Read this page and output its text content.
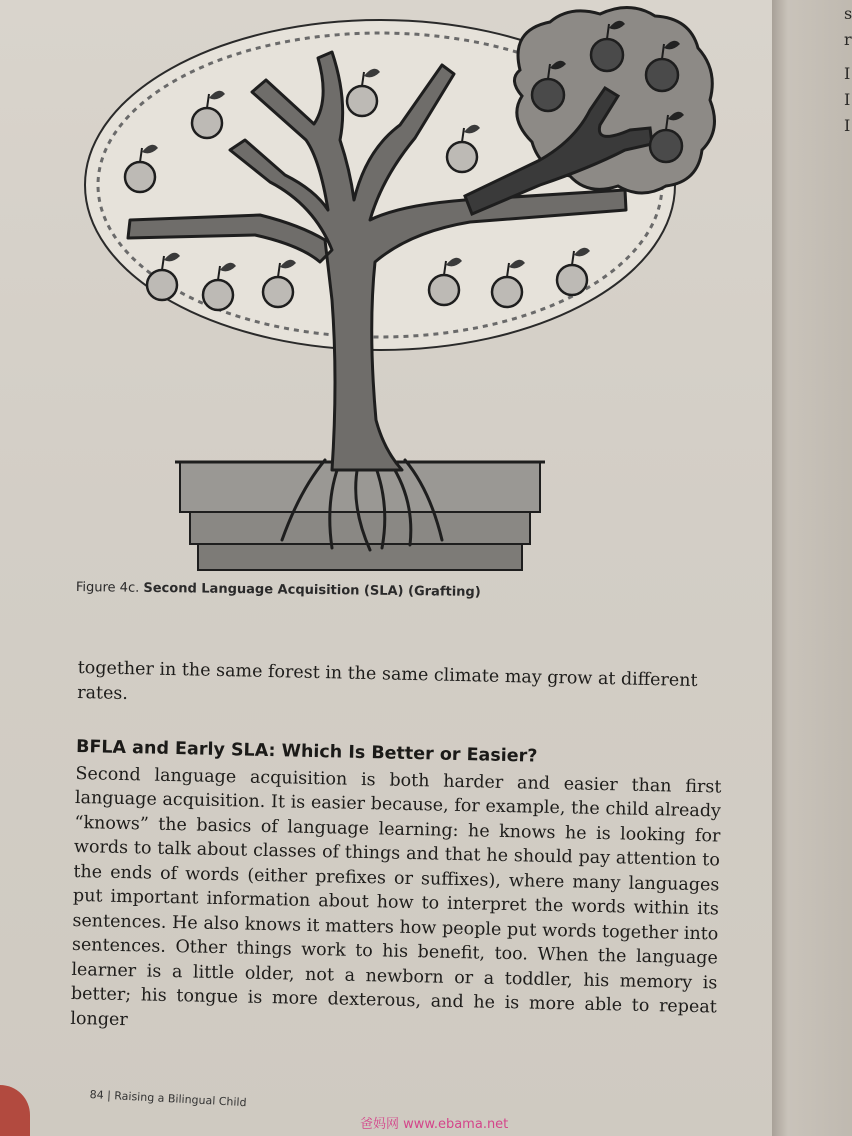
Figure 4c. Second Language Acquisition (SLA) (Grafting)

together in the same forest in the same climate may grow at different rates.

BFLA and Early SLA: Which Is Better or Easier?

Second language acquisition is both harder and easier than first language acquisition. It is easier because, for example, the child already “knows” the basics of language learning: he knows he is looking for words to talk about classes of things and that he should pay attention to the ends of words (either prefixes or suffixes), where many languages put important information about how to interpret the words within its sentences. He also knows it matters how people put words together into sentences. Other things work to his benefit, too. When the language learner is a little older, not a newborn or a toddler, his memory is better; his tongue is more dexterous, and he is more able to repeat longer

84 | Raising a Bilingual Child
s
r
I
I
I
爸妈网 www.ebama.net
